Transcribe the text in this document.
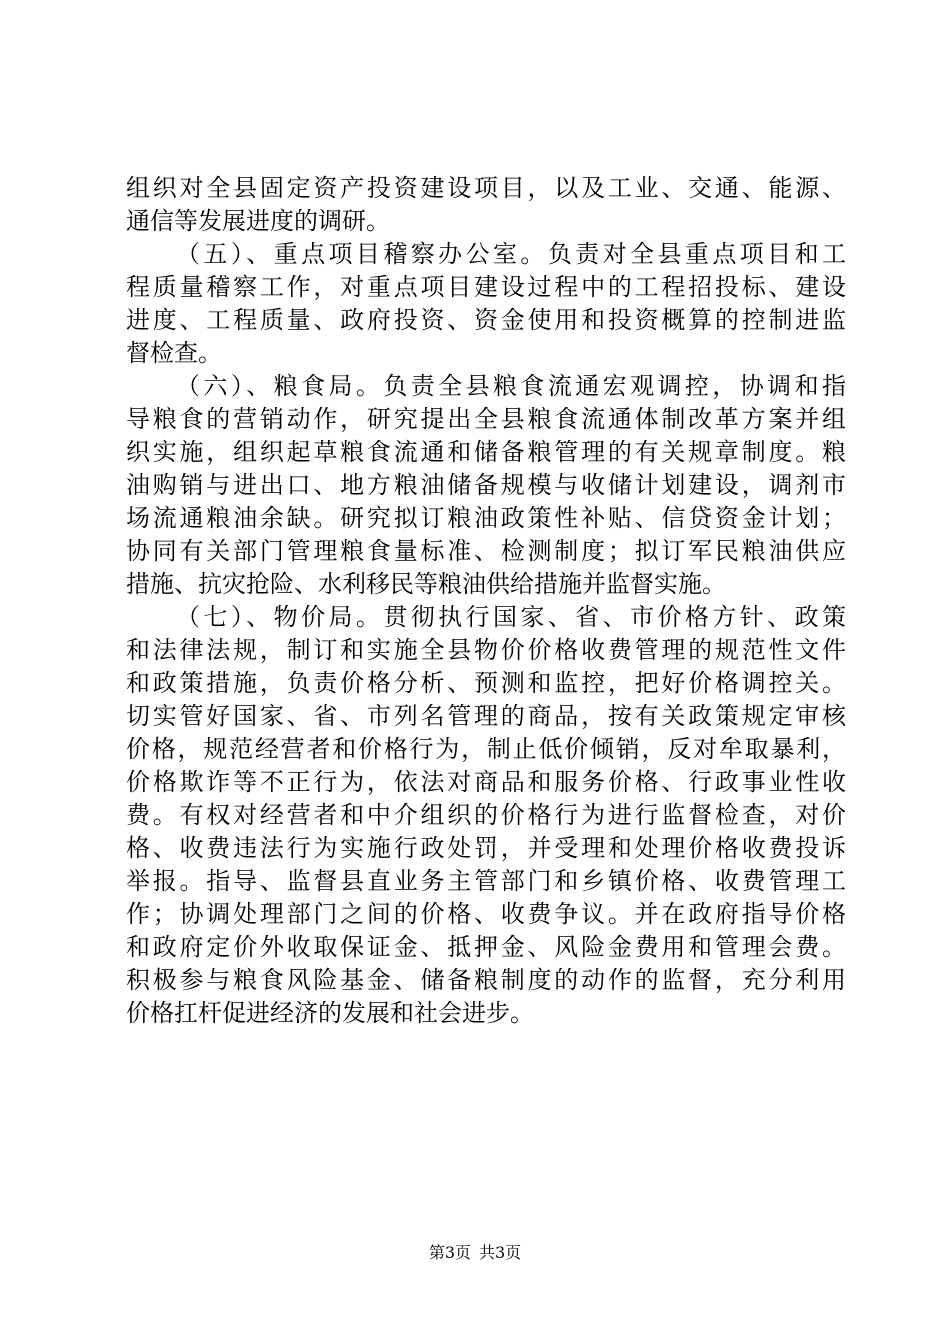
组织对全县固定资产投资建设项目，以及工业、交通、能源、
通信等发展进度的调研。
（五）、重点项目稽察办公室。负责对全县重点项目和工
程质量稽察工作，对重点项目建设过程中的工程招投标、建设
进度、工程质量、政府投资、资金使用和投资概算的控制进监
督检查。
（六）、粮食局。负责全县粮食流通宏观调控，协调和指
导粮食的营销动作，研究提出全县粮食流通体制改革方案并组
织实施，组织起草粮食流通和储备粮管理的有关规章制度。粮
油购销与进出口、地方粮油储备规模与收储计划建设，调剂市
场流通粮油余缺。研究拟订粮油政策性补贴、信贷资金计划；
协同有关部门管理粮食量标准、检测制度；拟订军民粮油供应
措施、抗灾抢险、水利移民等粮油供给措施并监督实施。
（七）、物价局。贯彻执行国家、省、市价格方针、政策
和法律法规，制订和实施全县物价价格收费管理的规范性文件
和政策措施，负责价格分析、预测和监控，把好价格调控关。
切实管好国家、省、市列名管理的商品，按有关政策规定审核
价格，规范经营者和价格行为，制止低价倾销，反对牟取暴利，
价格欺诈等不正行为，依法对商品和服务价格、行政事业性收
费。有权对经营者和中介组织的价格行为进行监督检查，对价
格、收费违法行为实施行政处罚，并受理和处理价格收费投诉
举报。指导、监督县直业务主管部门和乡镇价格、收费管理工
作；协调处理部门之间的价格、收费争议。并在政府指导价格
和政府定价外收取保证金、抵押金、风险金费用和管理会费。
积极参与粮食风险基金、储备粮制度的动作的监督，充分利用
价格扛杆促进经济的发展和社会进步。
第3页 共3页
